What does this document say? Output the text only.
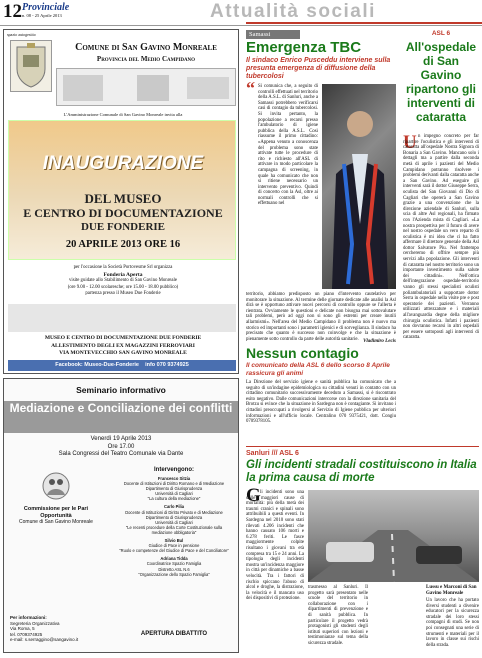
12 Provinciale
n. 08 - 25 Aprile 2013	Attualità sociali
spazio autogestito
Comune di San Gavino Monreale
Provincia del Medio Campidano
L'Amministrazione Comunale di San Gavino Monreale invita alla
INAUGURAZIONE
DEL MUSEO
E CENTRO DI DOCUMENTAZIONE
DUE FONDERIE
20 APRILE 2013 ORE 16
per l'occasione la Società Portovesme Srl organizza
Fonderia Aperta
visite guidate allo Stabilimento di San Gavino Monreale
(ore 9.00 - 12.00 scolaresche; ore 15.00 - 18.00 pubblico)
partenza presso il Museo Due Fonderie
MUSEO E CENTRO DI DOCUMENTAZIONE DUE FONDERIE
ALLESTIMENTO DEGLI EX MAGAZZINI FERROVIARI
VIA MONTEVECCHIO SAN GAVINO MONREALE
Facebook: Museo-Due-Fonderie info 070 9374925
Seminario informativo
Mediazione e Conciliazione dei conflitti
Venerdì 19 Aprile 2013
Ore 17.00
Sala Congressi del Teatro Comunale via Dante
Commissione per le Pari Opportunità
Comune di San Gavino Monreale
Intervengono:
Francesco Sitzia
Docente di Istituzioni di Diritto Romano e di Mediazione
Dipartimento di Giurisprudenza
Università di Cagliari
"La cultura della mediazione"
Carlo Pilia
Docente di Istituzioni di Diritto Privato e di Mediazione
Dipartimento di Giurisprudenza
Università di Cagliari
"Le recenti procedure della Corte Costituzionale sulla mediazione obbligatoria"
Silvio Bul
Giudice di Pace in pensione
"Ruolo e competenze del Giudice di Pace e del Conciliatore"
Adriana Tidda
Coordinatrice Spazio Famiglia
Distretto ASL N.6
"Organizzazione dello Spazio Famiglia"
Per informazioni:
Segreteria Organizzativa
Via Roma, 5
tel. 0709374925
e-mail: s.serraggino@sangavino.it
APERTURA DIBATTITO
Samassi
Emergenza TBC
Il sindaco Enrico Pusceddu interviene sulla presunta emergenza di diffusione della tubercolosi
“ Si comunica che, a seguito di controlli effettuati nel territorio della A.S.L. di Sanluri, anche a Samassi potrebbero verificarsi casi di contagio da tubercolosi. Si invita pertanto, la popolazione a recarsi presso l'ambulatorio di igiene pubblica della A.S.L. Così riassume il primo cittadino: «Appena venuto a conoscenza del problema sono state attivate tutte le procedure di rito e richiesto all'ASL di attivare in modo particolare la campagna di screening, in quale ha comunicato che non si ritiene necessario un intervento preventivo. Quindi di concerto con la Asl, oltre ai normali controlli che si effettuano nel
territorio, abbiamo predisposto un piano d'intervento cautelativo per monitorare la situazione. Al termine delle giornate dedicate alle analisi la Asl dirà se è opportuno attivare nuovi percorsi di controllo oppure se l'allerta è rientrata. Ovviamente le questioni e delicate non bisogna mai sottovalutare tali problemi, però ad oggi non si sono gli estremi per creare inutili allarmismi». Nell'area del Medio Campidano il problema non è nuovo ma storico ed importanti sono i parametri igienici e di sorveglianza. Il sindaco ha precisato che quanto è successo non coinvolge e che la situazione è pienamente sotto controllo da parte delle autorità sanitarie. Vladimiro Lecis
Nessun contagio
Il comunicato della ASL 6 dello scorso 8 Aprile rassicura gli animi
La Direzione del servizio igiene e sanità pubblica ha comunicato che a seguito di un'indagine epidemiologica su cittadini venuti in contatto con un cittadino comunitario successivamente deceduto a Samassi, si è riscontrato esito negativo. Dalle comunicazioni intercorse con la direzione sanitaria del Brotzu si evince che la situazione in Sardegna non è contagiante. Si invitano i cittadini preoccupati a rivolgersi al Servizio di Igiene pubblica per ulteriori informazioni e all'ufficio locale. Centralino 070 9375421, dott. Congiu 0709378105.
ASL 6
All'ospedale di San Gavino ripartono gli interventi di cataratta
U n impegno concreto per far ripartire l'oculistica e gli interventi di cataratta all'ospedale Nostra Signora di Bonaria a San Gavino. Mancano solo i dettagli ma a partire dalla seconda metà di aprile i pazienti del Medio Campidano potranno risolvere i problemi derivanti dalla cataratta anche a San Gavino. Ad eseguire gli interventi sarà il dottor Giuseppe Serra, oculista del San Giovanni di Dio di Cagliari che opererà a San Gavino grazie a una convenzione che la direzione aziendale di Sanluri, sulla scia di altre Asl regionali, ha firmato con l'Azienda mista di Cagliari. «La nostra prospettiva per il futuro di avere nel nostro ospedale un vero reparto di oculistica è mi idea che ci ha fatto affermare il direttore generale della Asl dottor Salvatore Piu. Nel frattempo cercheremo di offrire sempre più servizi alla popolazione. Gli interventi di cataratta nel nostro territorio sono un importante investimento sulla salute dei cittadini». Nell'ottica dell'integrazione ospedale-territorio vanno gli stessi specialisti oculisti poliambulatoriali a supportare dottor Serra in ospedale nella visite pre e post operatorie dei pazienti. Verranno utilizzati attrezzature e i materiali all'avanguardia degne della migliore chirurgia oculistica. Infatti i pazienti non dovranno recarsi in altri ospedali per essere sottoposti agli interventi di cataratta.
Sanluri /// ASL 6
Gli incidenti stradali costituiscono in Italia la prima causa di morte
G li incidenti sono una delle maggiori cause di mortalità: più della metà dei traumi cranici e spinali sono attribuibili a questi eventi. In Sardegna nel 2010 sono stati rilevati 4.206 incidenti che hanno causato 106 morti e 6.278 feriti. Le fasce maggiormente colpite risultano i giovani tra età compresa tra 15 e 24 anni. La tipologia degli incidenti mostra un'incidenza maggiore in città per dinamiche a basse velocità. Tra i fattori di rischio spiccano l'abuso di alcol e droghe, la distrazione, la velocità e il mancato uso dei dispositivi di protezione.
trasmesso al Sanluri. Il progetto sarà presentato nelle scuole del territorio in collaborazione con i dipartimenti di prevenzione e di sanità pubblica. In particolare il progetto vedrà protagonisti gli studenti degli istituti superiori con lezioni e testimonianze sul tema della sicurezza stradale.
Lussu e Marconi di San Gavino Monreale
Un lavoro che ha portato diversi studenti a divenire educatori per la sicurezza stradale dei loro stessi compagni di studi. Se non poi consegnati una serie di strumenti e materiali per il lavoro in classe sui rischi della strada.
